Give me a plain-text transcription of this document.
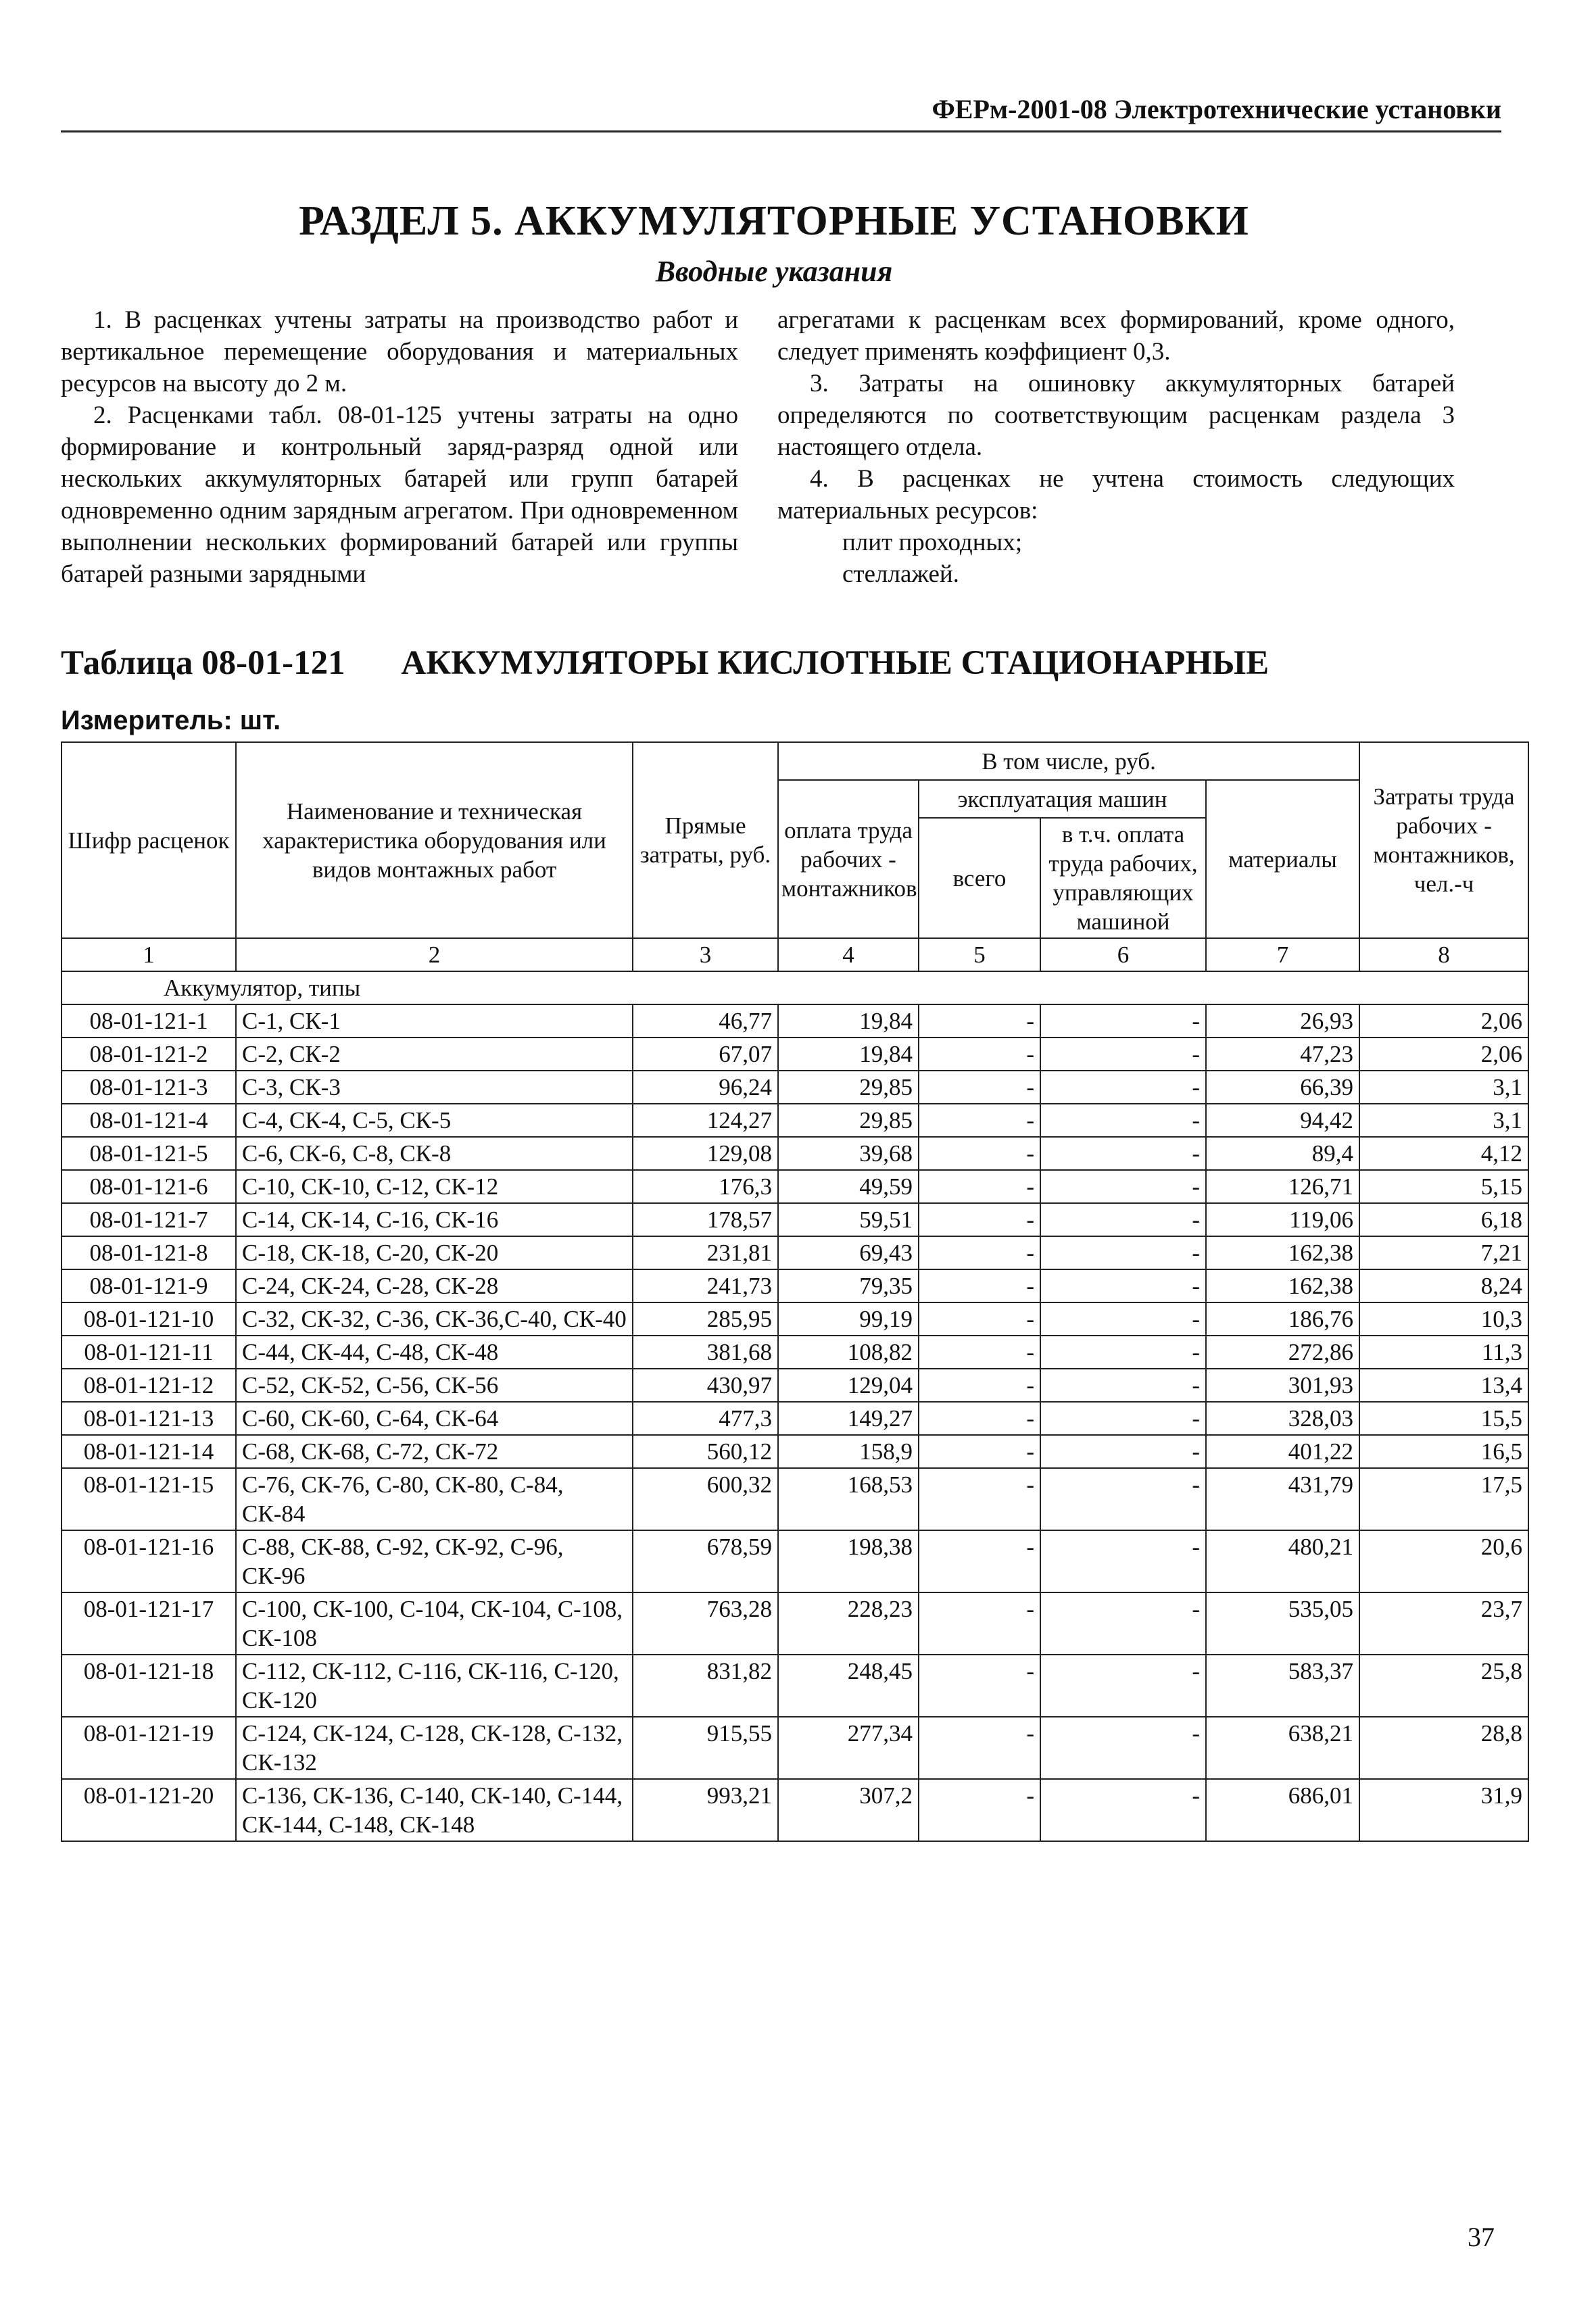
ФЕРм-2001-08 Электротехнические установки
РАЗДЕЛ 5. АККУМУЛЯТОРНЫЕ УСТАНОВКИ
Вводные указания

1. В расценках учтены затраты на производство работ и вертикальное перемещение оборудования и материальных ресурсов на высоту до 2 м.

2. Расценками табл. 08-01-125 учтены затраты на одно формирование и контрольный заряд-разряд одной или нескольких аккумуляторных батарей или групп батарей одновременно одним зарядным агрегатом. При одновременном выполнении нескольких формирований батарей или группы батарей разными зарядными

агрегатами к расценкам всех формирований, кроме одного, следует применять коэффициент 0,3.

3. Затраты на ошиновку аккумуляторных батарей определяются по соответствующим расценкам раздела 3 настоящего отдела.

4. В расценках не учтена стоимость следующих материальных ресурсов:

плит проходных;

стеллажей.

Таблица 08-01-121 АККУМУЛЯТОРЫ КИСЛОТНЫЕ СТАЦИОНАРНЫЕ
Измеритель: шт.
Шифр расценок	Наименование и техническая характеристика оборудования или видов монтажных работ	Прямые затраты, руб.	В том числе, руб.				Затраты труда рабочих - монтажников, чел.-ч
			оплата труда рабочих - монтажников	эксплуатация машин		материалы	
				всего	в т.ч. оплата труда рабочих, управляющих машиной		
1	2	3	4	5	6	7	8
Аккумулятор, типы							
08-01-121-1	С-1, СК-1	46,77	19,84	-	-	26,93	2,06
08-01-121-2	С-2, СК-2	67,07	19,84	-	-	47,23	2,06
08-01-121-3	С-3, СК-3	96,24	29,85	-	-	66,39	3,1
08-01-121-4	С-4, СК-4, С-5, СК-5	124,27	29,85	-	-	94,42	3,1
08-01-121-5	С-6, СК-6, С-8, СК-8	129,08	39,68	-	-	89,4	4,12
08-01-121-6	С-10, СК-10, С-12, СК-12	176,3	49,59	-	-	126,71	5,15
08-01-121-7	С-14, СК-14, С-16, СК-16	178,57	59,51	-	-	119,06	6,18
08-01-121-8	С-18, СК-18, С-20, СК-20	231,81	69,43	-	-	162,38	7,21
08-01-121-9	С-24, СК-24, С-28, СК-28	241,73	79,35	-	-	162,38	8,24
08-01-121-10	С-32, СК-32, С-36, СК-36,С-40, СК-40	285,95	99,19	-	-	186,76	10,3
08-01-121-11	С-44, СК-44, С-48, СК-48	381,68	108,82	-	-	272,86	11,3
08-01-121-12	С-52, СК-52, С-56, СК-56	430,97	129,04	-	-	301,93	13,4
08-01-121-13	С-60, СК-60, С-64, СК-64	477,3	149,27	-	-	328,03	15,5
08-01-121-14	С-68, СК-68, С-72, СК-72	560,12	158,9	-	-	401,22	16,5
08-01-121-15	С-76, СК-76, С-80, СК-80, С-84, СК-84	600,32	168,53	-	-	431,79	17,5
08-01-121-16	С-88, СК-88, С-92, СК-92, С-96, СК-96	678,59	198,38	-	-	480,21	20,6
08-01-121-17	С-100, СК-100, С-104, СК-104, С-108, СК-108	763,28	228,23	-	-	535,05	23,7
08-01-121-18	С-112, СК-112, С-116, СК-116, С-120, СК-120	831,82	248,45	-	-	583,37	25,8
08-01-121-19	С-124, СК-124, С-128, СК-128, С-132, СК-132	915,55	277,34	-	-	638,21	28,8
08-01-121-20	С-136, СК-136, С-140, СК-140, С-144, СК-144, С-148, СК-148	993,21	307,2	-	-	686,01	31,9
37
